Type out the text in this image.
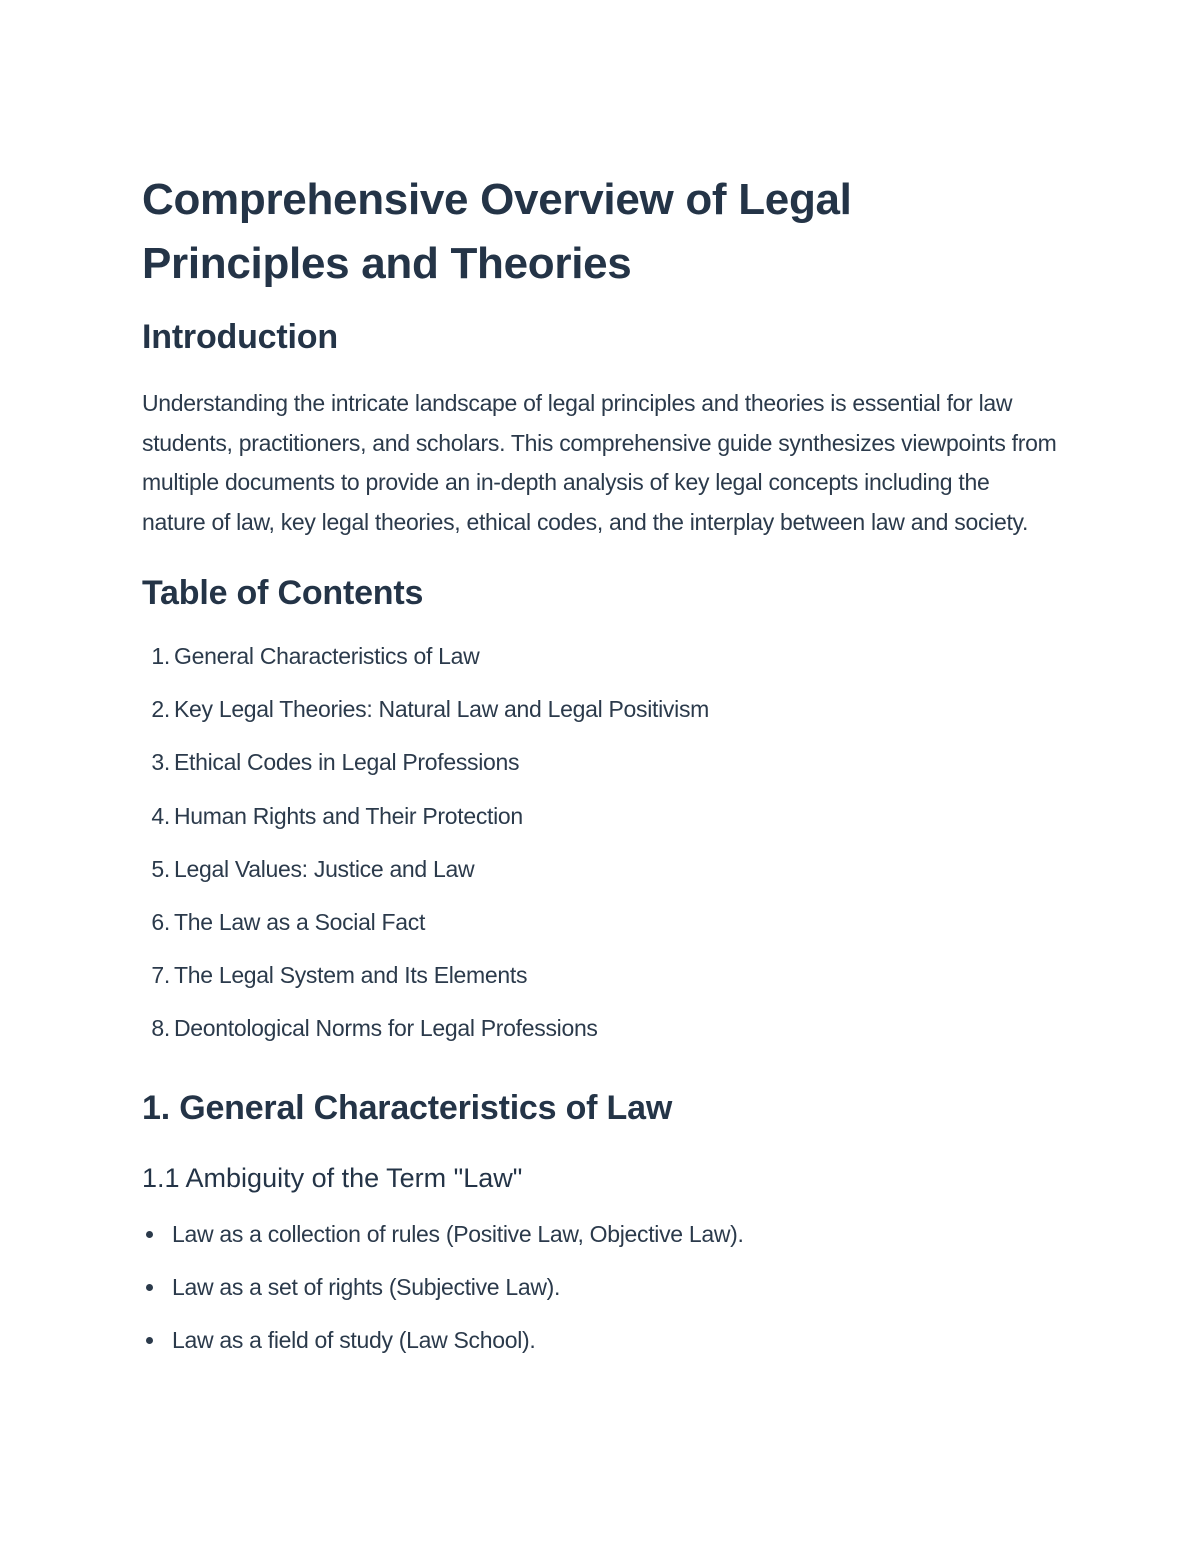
Comprehensive Overview of Legal Principles and Theories
Introduction

Understanding the intricate landscape of legal principles and theories is essential for law students, practitioners, and scholars. This comprehensive guide synthesizes viewpoints from multiple documents to provide an in-depth analysis of key legal concepts including the nature of law, key legal theories, ethical codes, and the interplay between law and society.

Table of Contents
1. General Characteristics of Law
2. Key Legal Theories: Natural Law and Legal Positivism
3. Ethical Codes in Legal Professions
4. Human Rights and Their Protection
5. Legal Values: Justice and Law
6. The Law as a Social Fact
7. The Legal System and Its Elements
8. Deontological Norms for Legal Professions
1. General Characteristics of Law
1.1 Ambiguity of the Term "Law"
Law as a collection of rules (Positive Law, Objective Law).
Law as a set of rights (Subjective Law).
Law as a field of study (Law School).
